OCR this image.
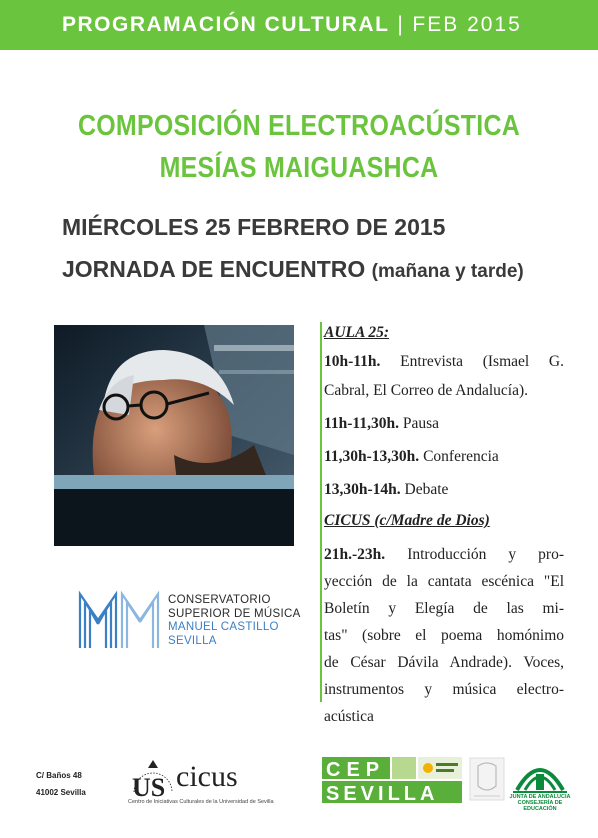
PROGRAMACIÓN CULTURAL | FEB 2015
COMPOSICIÓN ELECTROACÚSTICA
MESÍAS MAIGUASHCA
MIÉRCOLES 25 FEBRERO DE 2015
JORNADA DE ENCUENTRO (mañana y tarde)
CONSERVATORIO
SUPERIOR DE MÚSICA
MANUEL CASTILLO
SEVILLA
AULA 25:
10h-11h. Entrevista (Ismael G.
Cabral, El Correo de Andalucía).
11h-11,30h. Pausa
11,30h-13,30h. Conferencia
13,30h-14h. Debate
CICUS (c/Madre de Dios)
21h.-23h. Introducción y pro-
yección de la cantata escénica "El
Boletín y Elegía de las mi-
tas" (sobre el poema homónimo
de César Dávila Andrade). Voces,
instrumentos y música electro-
acústica
C/ Baños 48
41002 Sevilla US cicus
Centro de Iniciativas Culturales de la Universidad de Sevilla
CEP
SEVILLA	JUNTA DE ANDALUCIA
CONSEJERÍA DE EDUCACIÓN
